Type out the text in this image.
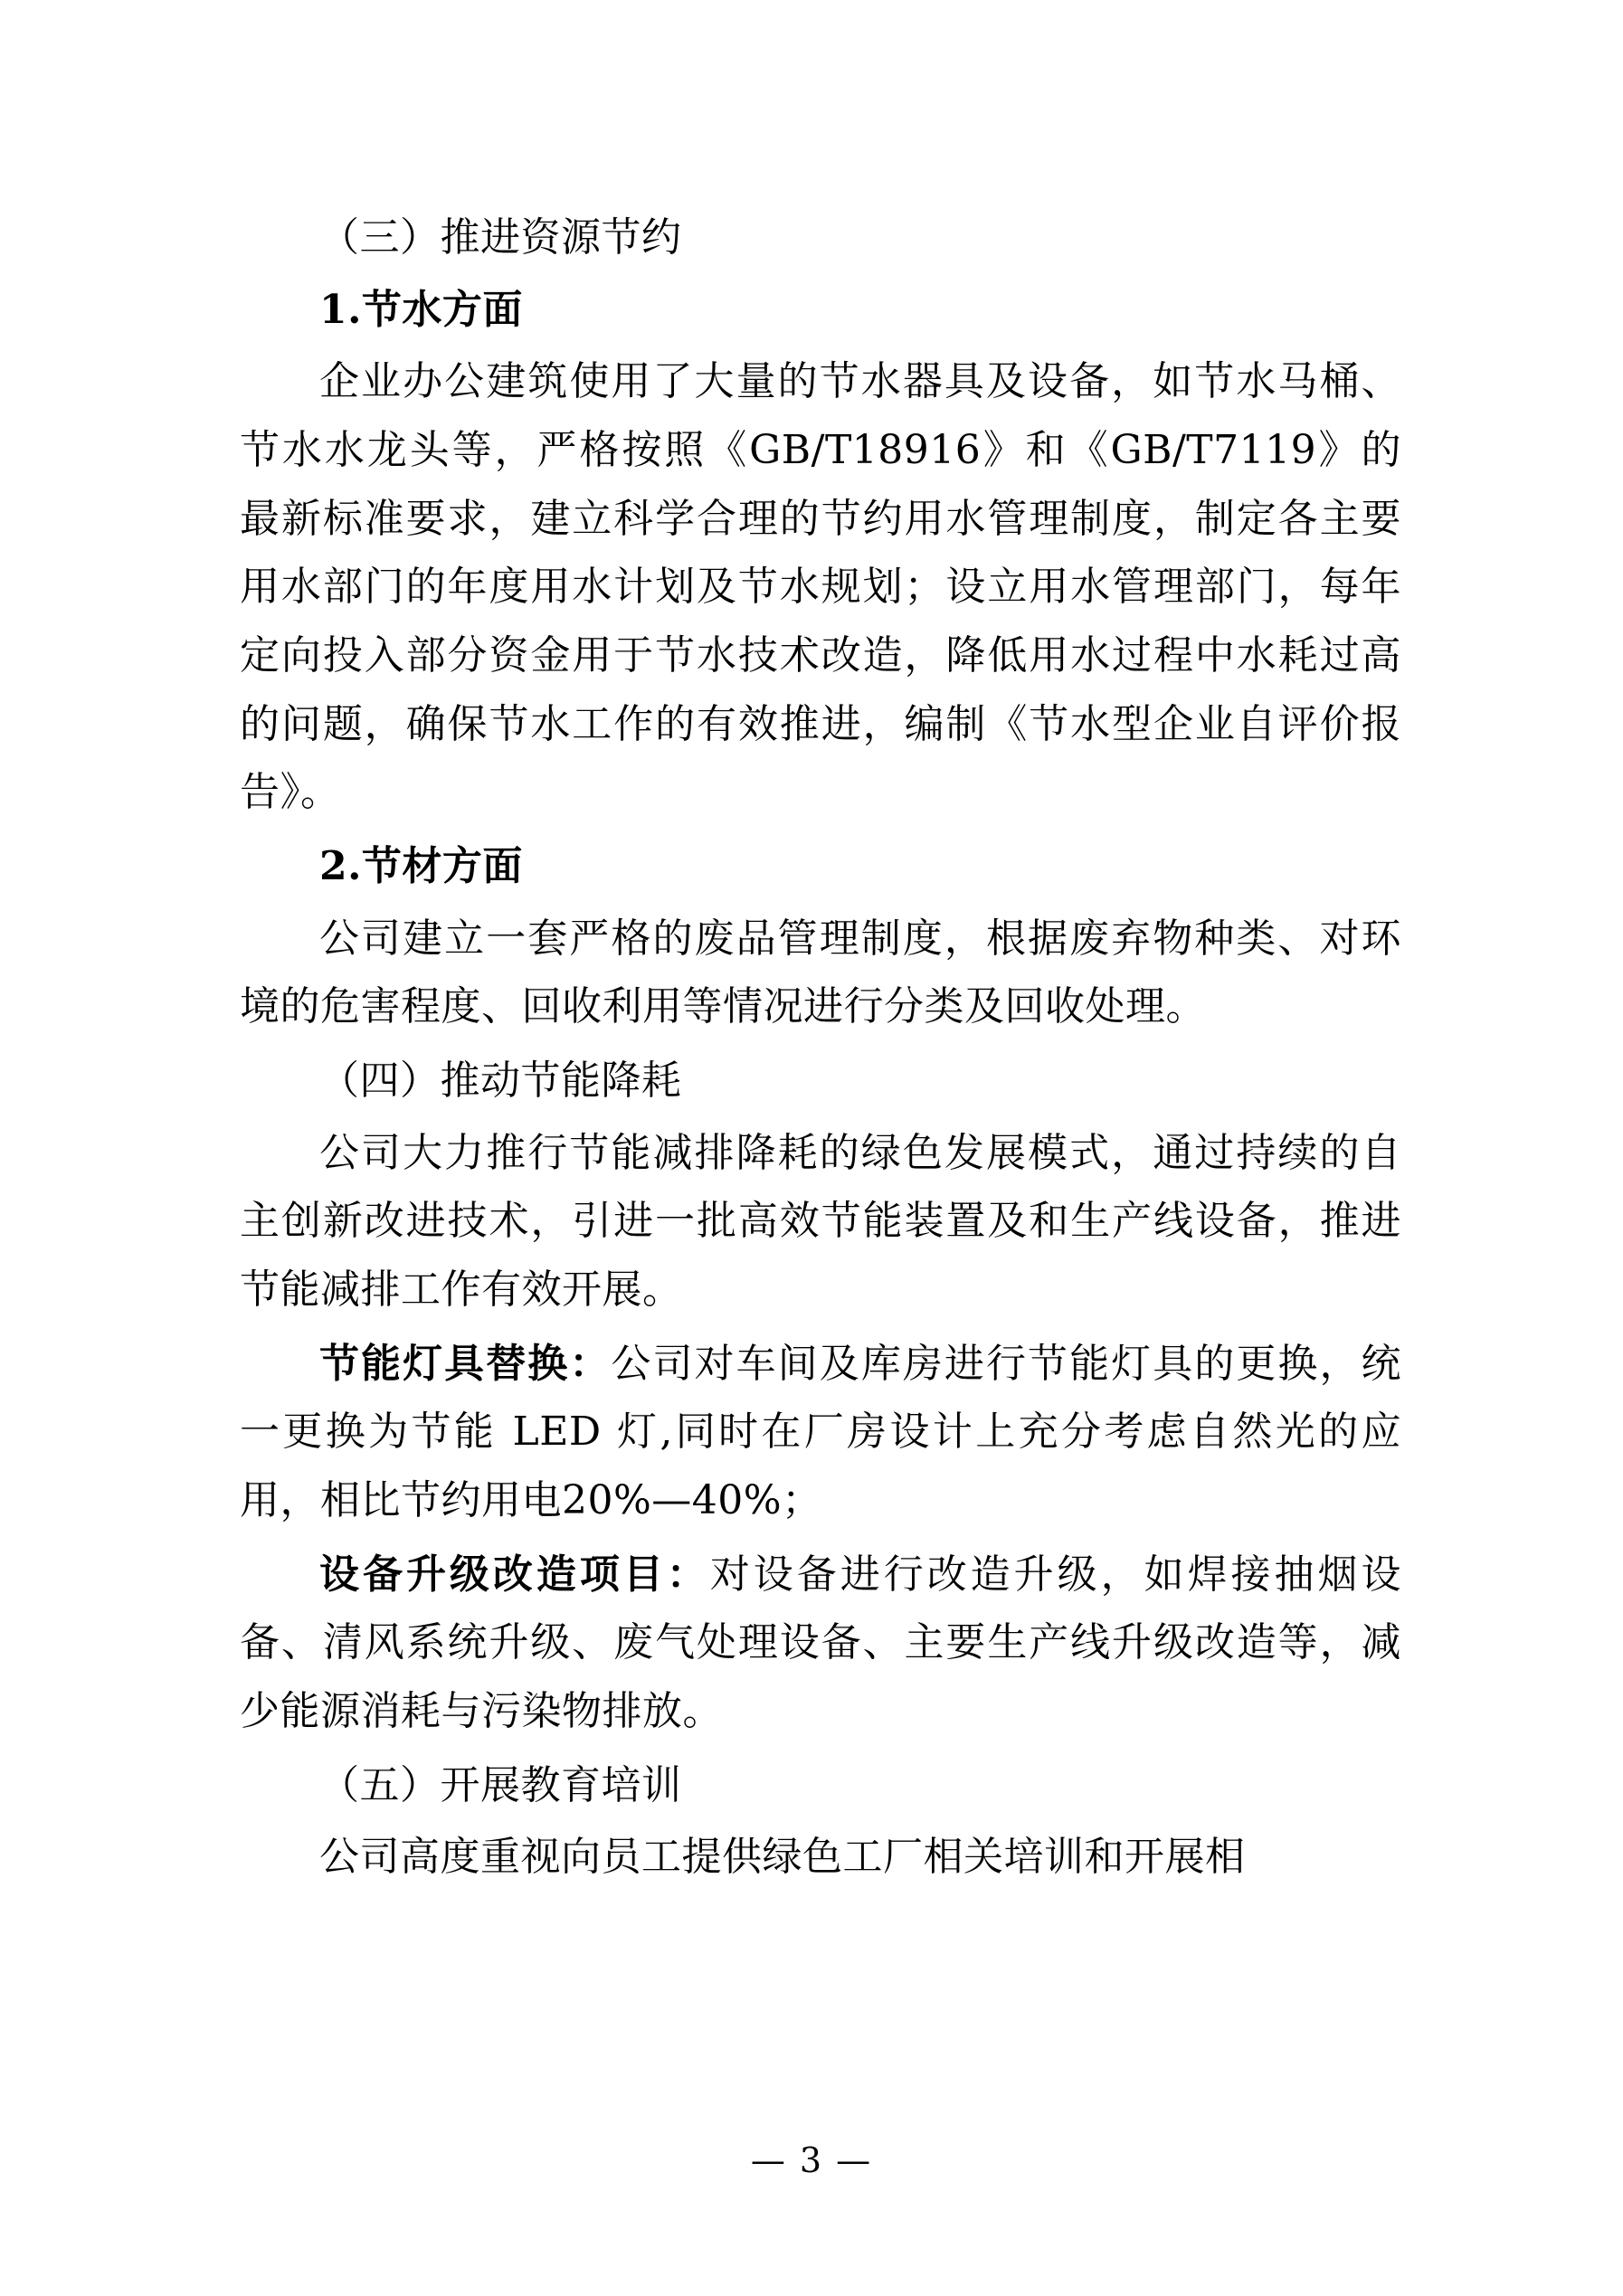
（三）推进资源节约

1.节水方面

企业办公建筑使用了大量的节水器具及设备，如节水马桶、节水水龙头等，严格按照《GB/T18916》和《GB/T7119》的最新标准要求，建立科学合理的节约用水管理制度，制定各主要用水部门的年度用水计划及节水规划；设立用水管理部门，每年定向投入部分资金用于节水技术改造，降低用水过程中水耗过高的问题，确保节水工作的有效推进，编制《节水型企业自评价报告》。

2.节材方面

公司建立一套严格的废品管理制度，根据废弃物种类、对环境的危害程度、回收利用等情况进行分类及回收处理。

（四）推动节能降耗

公司大力推行节能减排降耗的绿色发展模式，通过持续的自主创新改进技术，引进一批高效节能装置及和生产线设备，推进节能减排工作有效开展。

节能灯具替换：公司对车间及库房进行节能灯具的更换，统一更换为节能 LED 灯,同时在厂房设计上充分考虑自然光的应用，相比节约用电20%—40%；

设备升级改造项目：对设备进行改造升级，如焊接抽烟设备、清风系统升级、废气处理设备、主要生产线升级改造等，减少能源消耗与污染物排放。

（五）开展教育培训

公司高度重视向员工提供绿色工厂相关培训和开展相

— 3 —
